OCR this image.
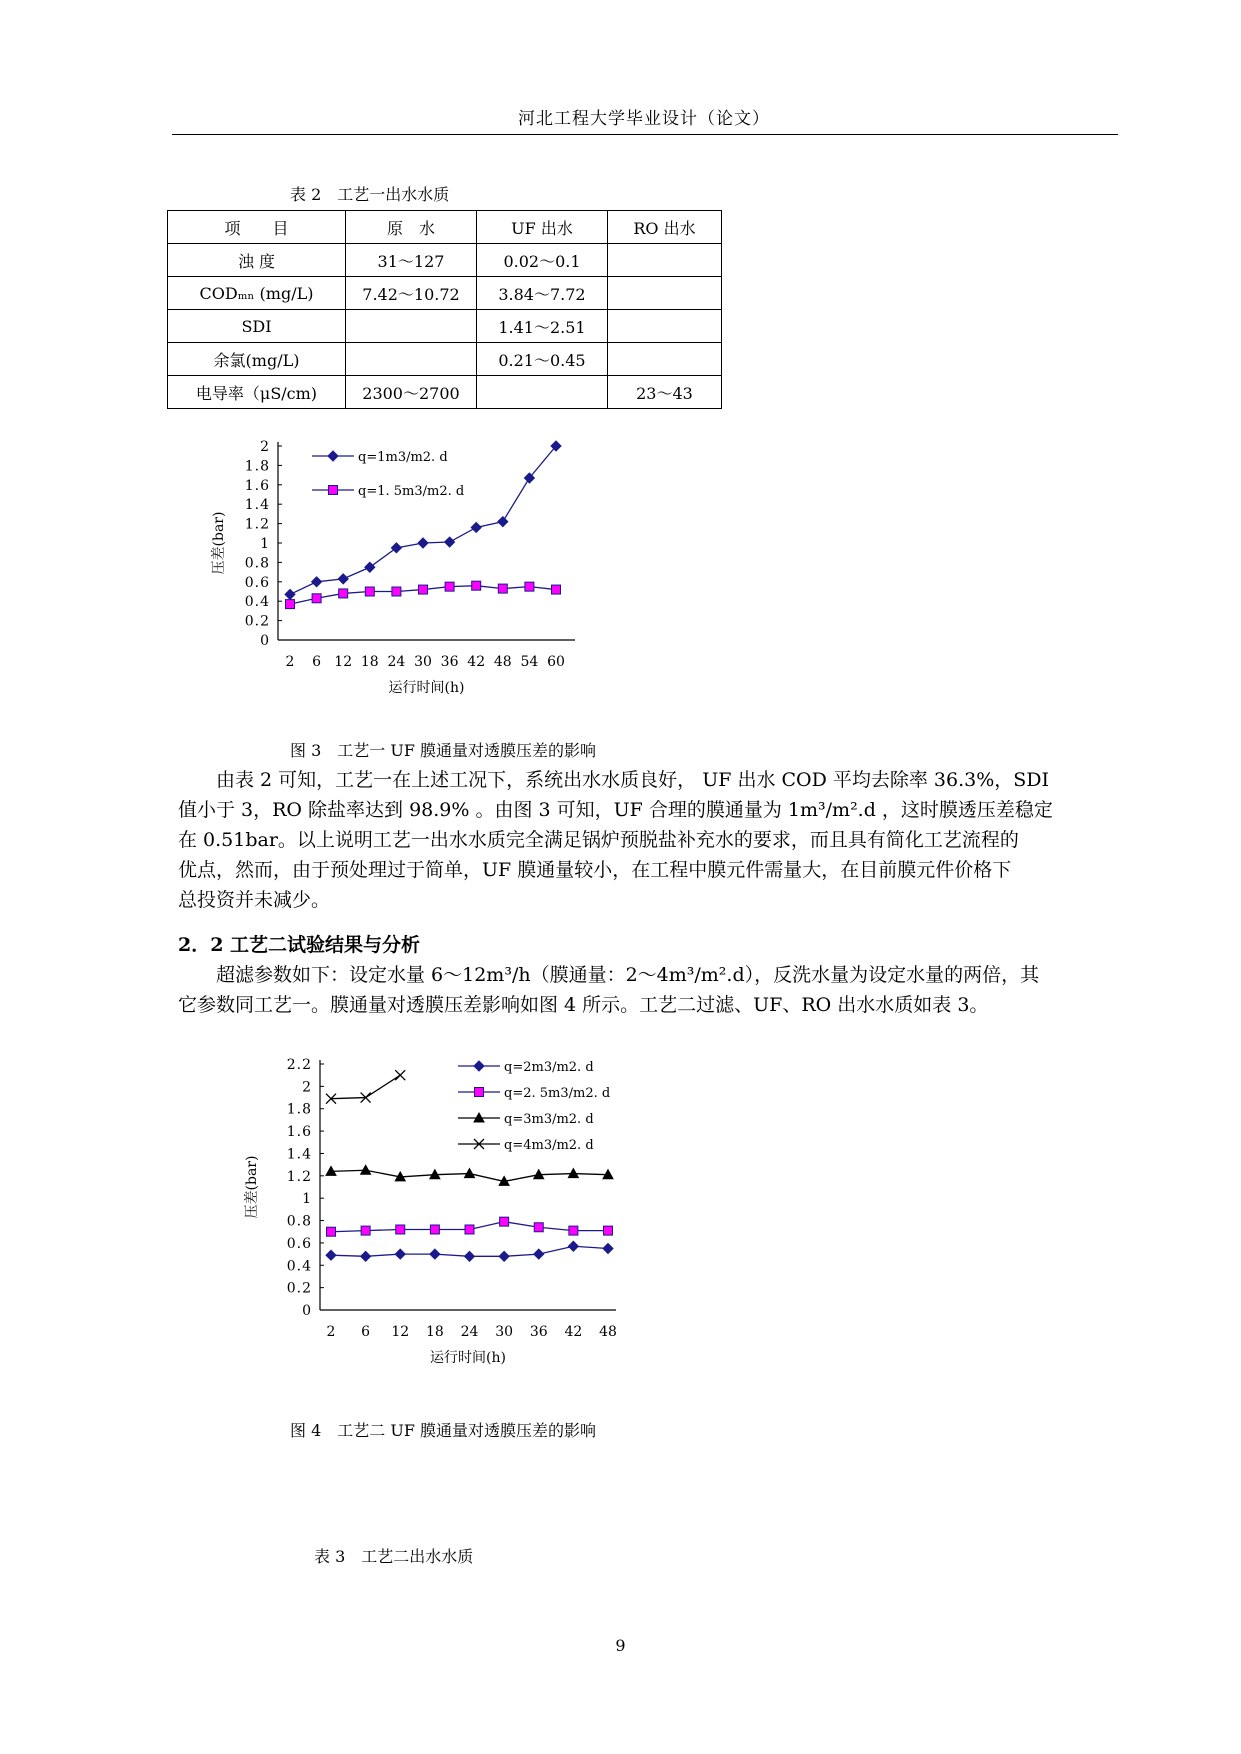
河北工程大学毕业设计（论文）
表 2　工艺一出水水质
项　　目	原　水	UF 出水	RO 出水
浊 度	31～127	0.02～0.1	
CODₘₙ (mg/L)	7.42～10.72	3.84～7.72	
SDI		1.41～2.51	
余氯(mg/L)		0.21～0.45	
电导率（μS/cm)	2300～2700		23～43
0
0.2
0.4
0.6
0.8
1
1.2
1.4
1.6
1.8
2
2 6 12 18 24 30 36 42 48 54 60
运行时间(h)
压差(bar)
q=1m3/m2. d
q=1. 5m3/m2. d
图 3　工艺一 UF 膜通量对透膜压差的影响

　　由表 2 可知，工艺一在上述工况下，系统出水水质良好， UF 出水 COD 平均去除率 36.3%，SDI

值小于 3，RO 除盐率达到 98.9% 。由图 3 可知，UF 合理的膜通量为 1m³/m².d ，这时膜透压差稳定

在 0.51bar。以上说明工艺一出水水质完全满足锅炉预脱盐补充水的要求，而且具有简化工艺流程的

优点，然而，由于预处理过于简单，UF 膜通量较小，在工程中膜元件需量大，在目前膜元件价格下

总投资并未减少。

2．2 工艺二试验结果与分析

　　超滤参数如下：设定水量 6～12m³/h（膜通量：2～4m³/m².d），反洗水量为设定水量的两倍，其

它参数同工艺一。膜通量对透膜压差影响如图 4 所示。工艺二过滤、UF、RO 出水水质如表 3。

0
0.2
0.4
0.6
0.8
1
1.2
1.4
1.6
1.8
2
2.2
2 6 12 18 24 30 36 42 48
运行时间(h)
压差(bar)
q=2m3/m2. d
q=2. 5m3/m2. d
q=3m3/m2. d
q=4m3/m2. d
图 4　工艺二 UF 膜通量对透膜压差的影响
表 3　工艺二出水水质
9
